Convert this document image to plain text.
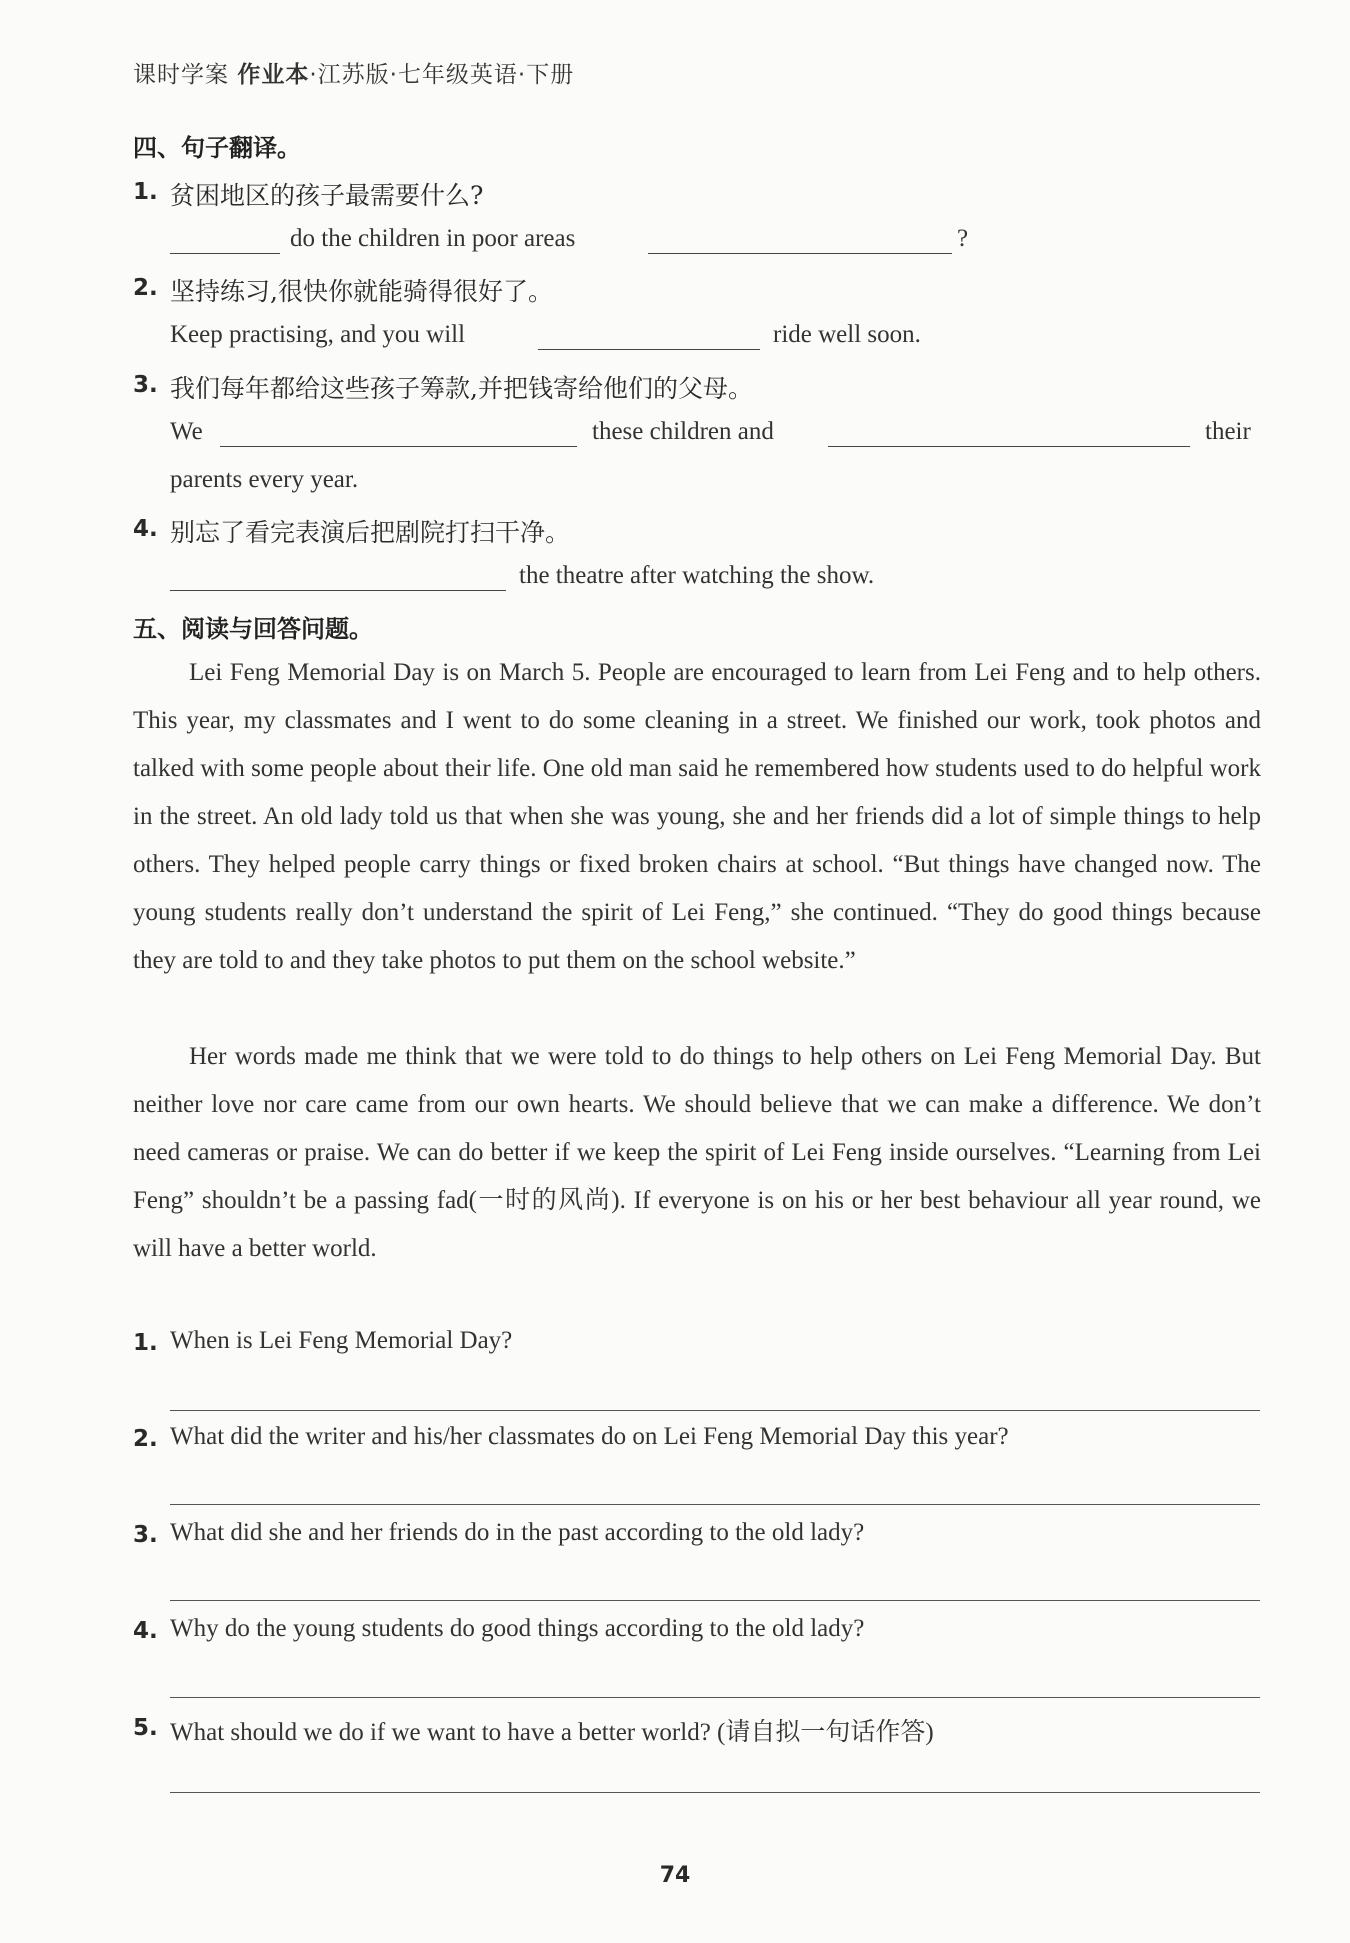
课时学案 作业本·江苏版·七年级英语·下册
四、句子翻译。
1. 贫困地区的孩子最需要什么?
do the children in poor areas	?
2. 坚持练习,很快你就能骑得很好了。
Keep practising, and you will	ride well soon.
3. 我们每年都给这些孩子筹款,并把钱寄给他们的父母。
We	these children and	their
parents every year.
4. 别忘了看完表演后把剧院打扫干净。
the theatre after watching the show.
五、阅读与回答问题。
Lei Feng Memorial Day is on March 5. People are encouraged to learn from Lei Feng and to help others. This year, my classmates and I went to do some cleaning in a street. We finished our work, took photos and talked with some people about their life. One old man said he remembered how students used to do helpful work in the street. An old lady told us that when she was young, she and her friends did a lot of simple things to help others. They helped people carry things or fixed broken chairs at school. “But things have changed now. The young students really don’t understand the spirit of Lei Feng,” she continued. “They do good things because they are told to and they take photos to put them on the school website.”
Her words made me think that we were told to do things to help others on Lei Feng Memorial Day. But neither love nor care came from our own hearts. We should believe that we can make a difference. We don’t need cameras or praise. We can do better if we keep the spirit of Lei Feng inside ourselves. “Learning from Lei Feng” shouldn’t be a passing fad(一时的风尚). If everyone is on his or her best behaviour all year round, we will have a better world.
1. When is Lei Feng Memorial Day?
2. What did the writer and his/her classmates do on Lei Feng Memorial Day this year?
3. What did she and her friends do in the past according to the old lady?
4. Why do the young students do good things according to the old lady?
5. What should we do if we want to have a better world? (请自拟一句话作答)
74
